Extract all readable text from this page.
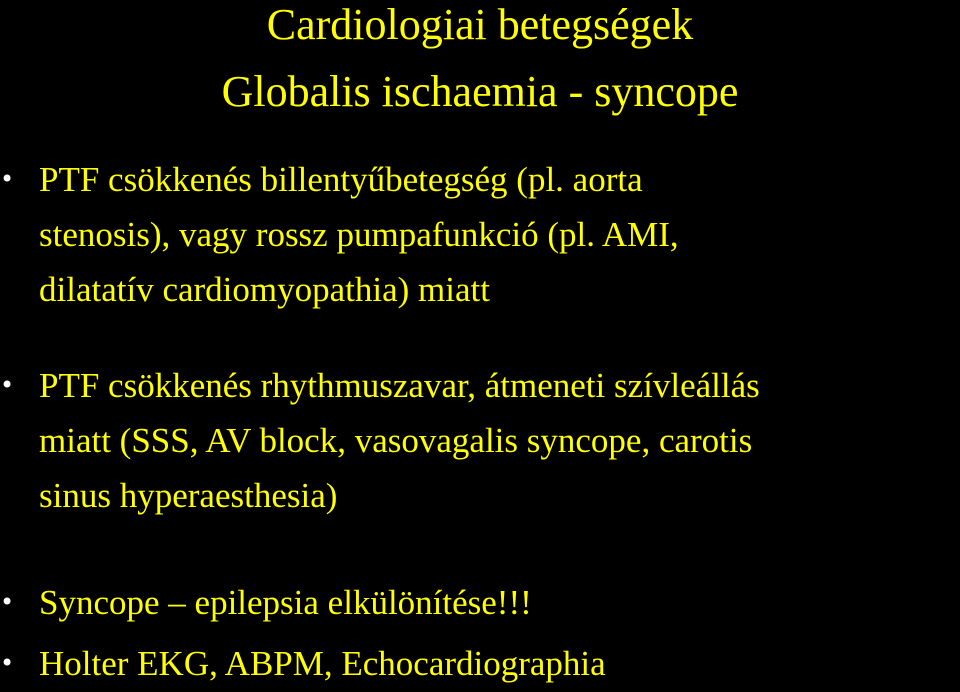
Cardiologiai betegségek
Globalis ischaemia - syncope
• PTF csökkenés billentyűbetegség (pl. aorta
stenosis), vagy rossz pumpafunkció (pl. AMI,
dilatatív cardiomyopathia) miatt
• PTF csökkenés rhythmuszavar, átmeneti szívleállás
miatt (SSS, AV block, vasovagalis syncope, carotis
sinus hyperaesthesia)
• Syncope – epilepsia elkülönítése!!!
• Holter EKG, ABPM, Echocardiographia
